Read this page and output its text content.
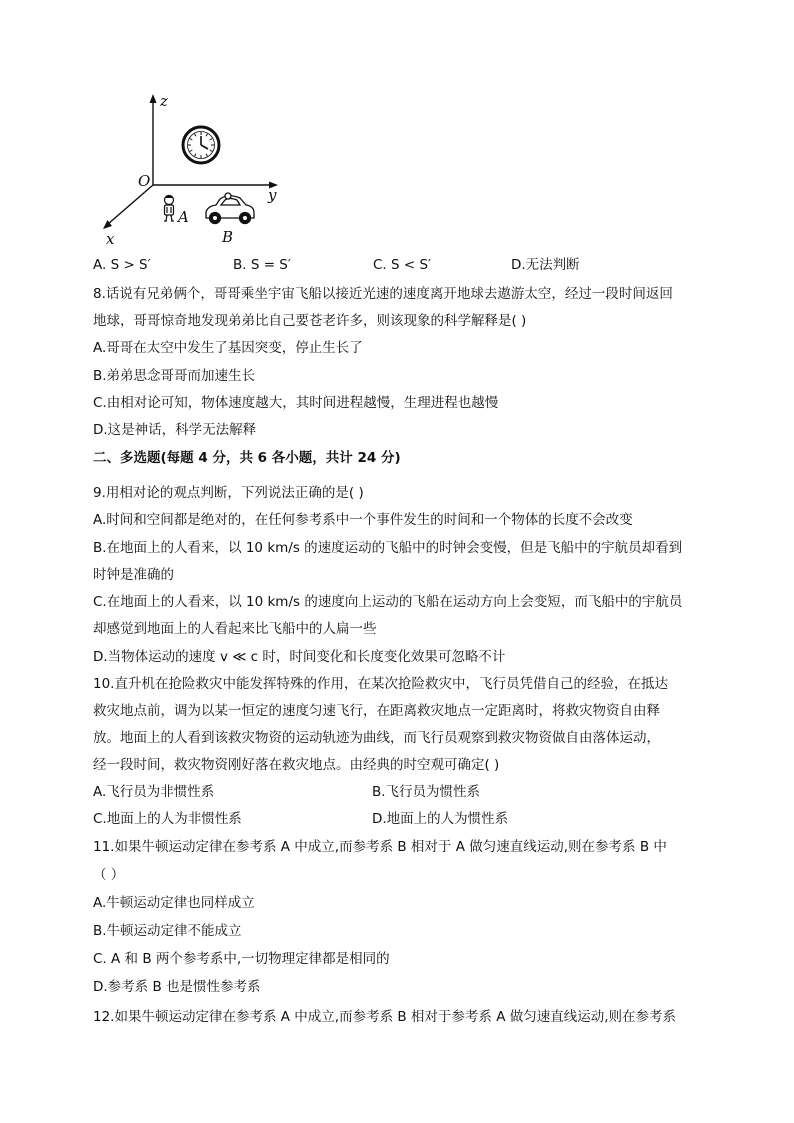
z
y
x
O
A
B
A. S > S′	B. S = S′	C. S < S′	D.无法判断
8.话说有兄弟俩个，哥哥乘坐宇宙飞船以接近光速的速度离开地球去遨游太空，经过一段时间返回
地球，哥哥惊奇地发现弟弟比自己要苍老许多，则该现象的科学解释是( )
A.哥哥在太空中发生了基因突变，停止生长了
B.弟弟思念哥哥而加速生长
C.由相对论可知，物体速度越大，其时间进程越慢，生理进程也越慢
D.这是神话，科学无法解释
二、多选题(每题 4 分，共 6 各小题，共计 24 分)
9.用相对论的观点判断，下列说法正确的是( )
A.时间和空间都是绝对的，在任何参考系中一个事件发生的时间和一个物体的长度不会改变
B.在地面上的人看来，以 10 km/s 的速度运动的飞船中的时钟会变慢，但是飞船中的宇航员却看到
时钟是准确的
C.在地面上的人看来，以 10 km/s 的速度向上运动的飞船在运动方向上会变短，而飞船中的宇航员
却感觉到地面上的人看起来比飞船中的人扁一些
D.当物体运动的速度 v ≪ c 时，时间变化和长度变化效果可忽略不计
10.直升机在抢险救灾中能发挥特殊的作用，在某次抢险救灾中，飞行员凭借自己的经验，在抵达
救灾地点前，调为以某一恒定的速度匀速飞行，在距离救灾地点一定距离时，将救灾物资自由释
放。地面上的人看到该救灾物资的运动轨迹为曲线，而飞行员观察到救灾物资做自由落体运动，
经一段时间，救灾物资刚好落在救灾地点。由经典的时空观可确定( )
A.飞行员为非惯性系	B.飞行员为惯性系
C.地面上的人为非惯性系	D.地面上的人为惯性系
11.如果牛顿运动定律在参考系 A 中成立,而参考系 B 相对于 A 做匀速直线运动,则在参考系 B 中
（ ）
A.牛顿运动定律也同样成立
B.牛顿运动定律不能成立
C. A 和 B 两个参考系中,一切物理定律都是相同的
D.参考系 B 也是惯性参考系
12.如果牛顿运动定律在参考系 A 中成立,而参考系 B 相对于参考系 A 做匀速直线运动,则在参考系
